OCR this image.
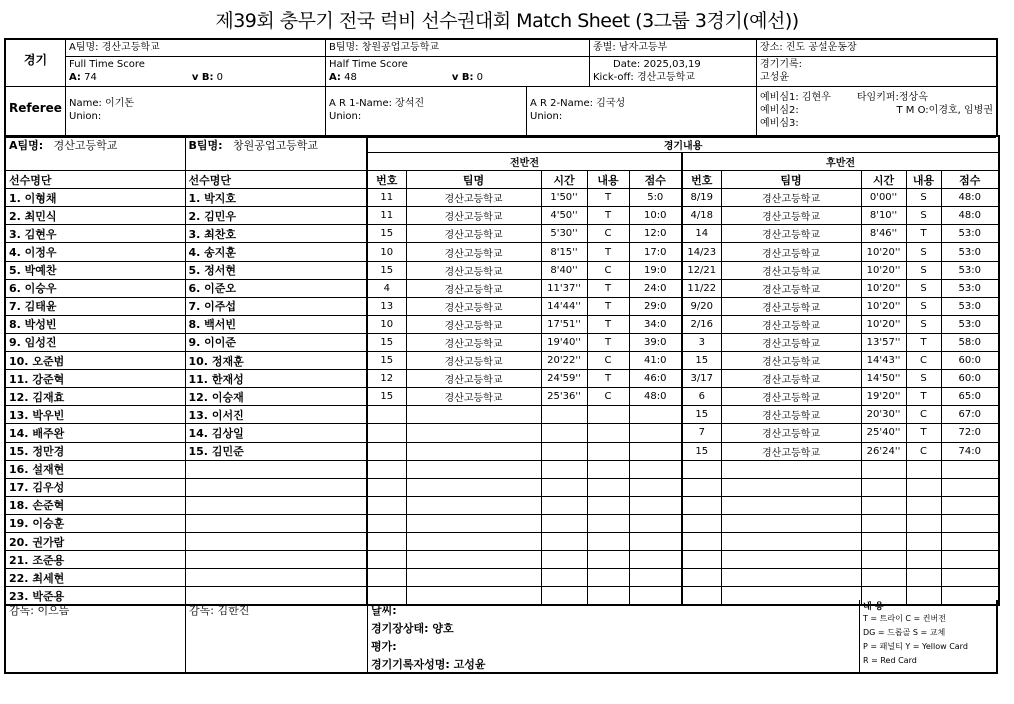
제39회 충무기 전국 럭비 선수권대회 Match Sheet (3그룹 3경기(예선))
경기
A팀명: 경산고등학교	B팀명: 창원공업고등학교	종별: 남자고등부	장소: 진도 공설운동장
Full Time Score
A: 74	v B: 0
Half Time Score
A: 48	v B: 0
Date: 2025,03,19
Kick-off: 경산고등학교
경기기록:
고성윤
Referee Name: 이기돈
Union:
A R 1-Name: 장석진
Union:
A R 2-Name: 김국성
Union:
예비심1: 김현우	타임키퍼:정상옥
예비심2:	T M O:이경호, 임병권
예비심3:
A팀명: 경산고등학교	B팀명: 창원공업고등학교	경기내용									
		전반전					후반전				
선수명단	선수명단	번호	팀명	시간	내용	점수	번호	팀명	시간	내용	점수
1. 이형채	1. 박지호	11	경산고등학교	1'50''	T	5:0	8/19	경산고등학교	0'00''	S	48:0
2. 최민식	2. 김민우	11	경산고등학교	4'50''	T	10:0	4/18	경산고등학교	8'10''	S	48:0
3. 김현우	3. 최찬호	15	경산고등학교	5'30''	C	12:0	14	경산고등학교	8'46''	T	53:0
4. 이정우	4. 송지훈	10	경산고등학교	8'15''	T	17:0	14/23	경산고등학교	10'20''	S	53:0
5. 박예찬	5. 정서현	15	경산고등학교	8'40''	C	19:0	12/21	경산고등학교	10'20''	S	53:0
6. 이승우	6. 이준오	4	경산고등학교	11'37''	T	24:0	11/22	경산고등학교	10'20''	S	53:0
7. 김태윤	7. 이주섭	13	경산고등학교	14'44''	T	29:0	9/20	경산고등학교	10'20''	S	53:0
8. 박성빈	8. 백서빈	10	경산고등학교	17'51''	T	34:0	2/16	경산고등학교	10'20''	S	53:0
9. 임성진	9. 이이준	15	경산고등학교	19'40''	T	39:0	3	경산고등학교	13'57''	T	58:0
10. 오준범	10. 정재훈	15	경산고등학교	20'22''	C	41:0	15	경산고등학교	14'43''	C	60:0
11. 강준혁	11. 한재성	12	경산고등학교	24'59''	T	46:0	3/17	경산고등학교	14'50''	S	60:0
12. 김재효	12. 이승재	15	경산고등학교	25'36''	C	48:0	6	경산고등학교	19'20''	T	65:0
13. 박우빈	13. 이서진						15	경산고등학교	20'30''	C	67:0
14. 배주완	14. 김상일						7	경산고등학교	25'40''	T	72:0
15. 정만경	15. 김민준						15	경산고등학교	26'24''	C	74:0
16. 설재현											
17. 김우성											
18. 손준혁											
19. 이승훈											
20. 권가람											
21. 조준용											
22. 최세현											
23. 박준용											
감독: 이으뜸	감독: 김한진	날씨:
경기장상태: 양호
평가:
경기기록자성명: 고성윤
내 용
T = 트라이 C = 컨버전
DG = 드롭골 S = 교체
P = 패널티 Y = Yellow Card
R = Red Card
